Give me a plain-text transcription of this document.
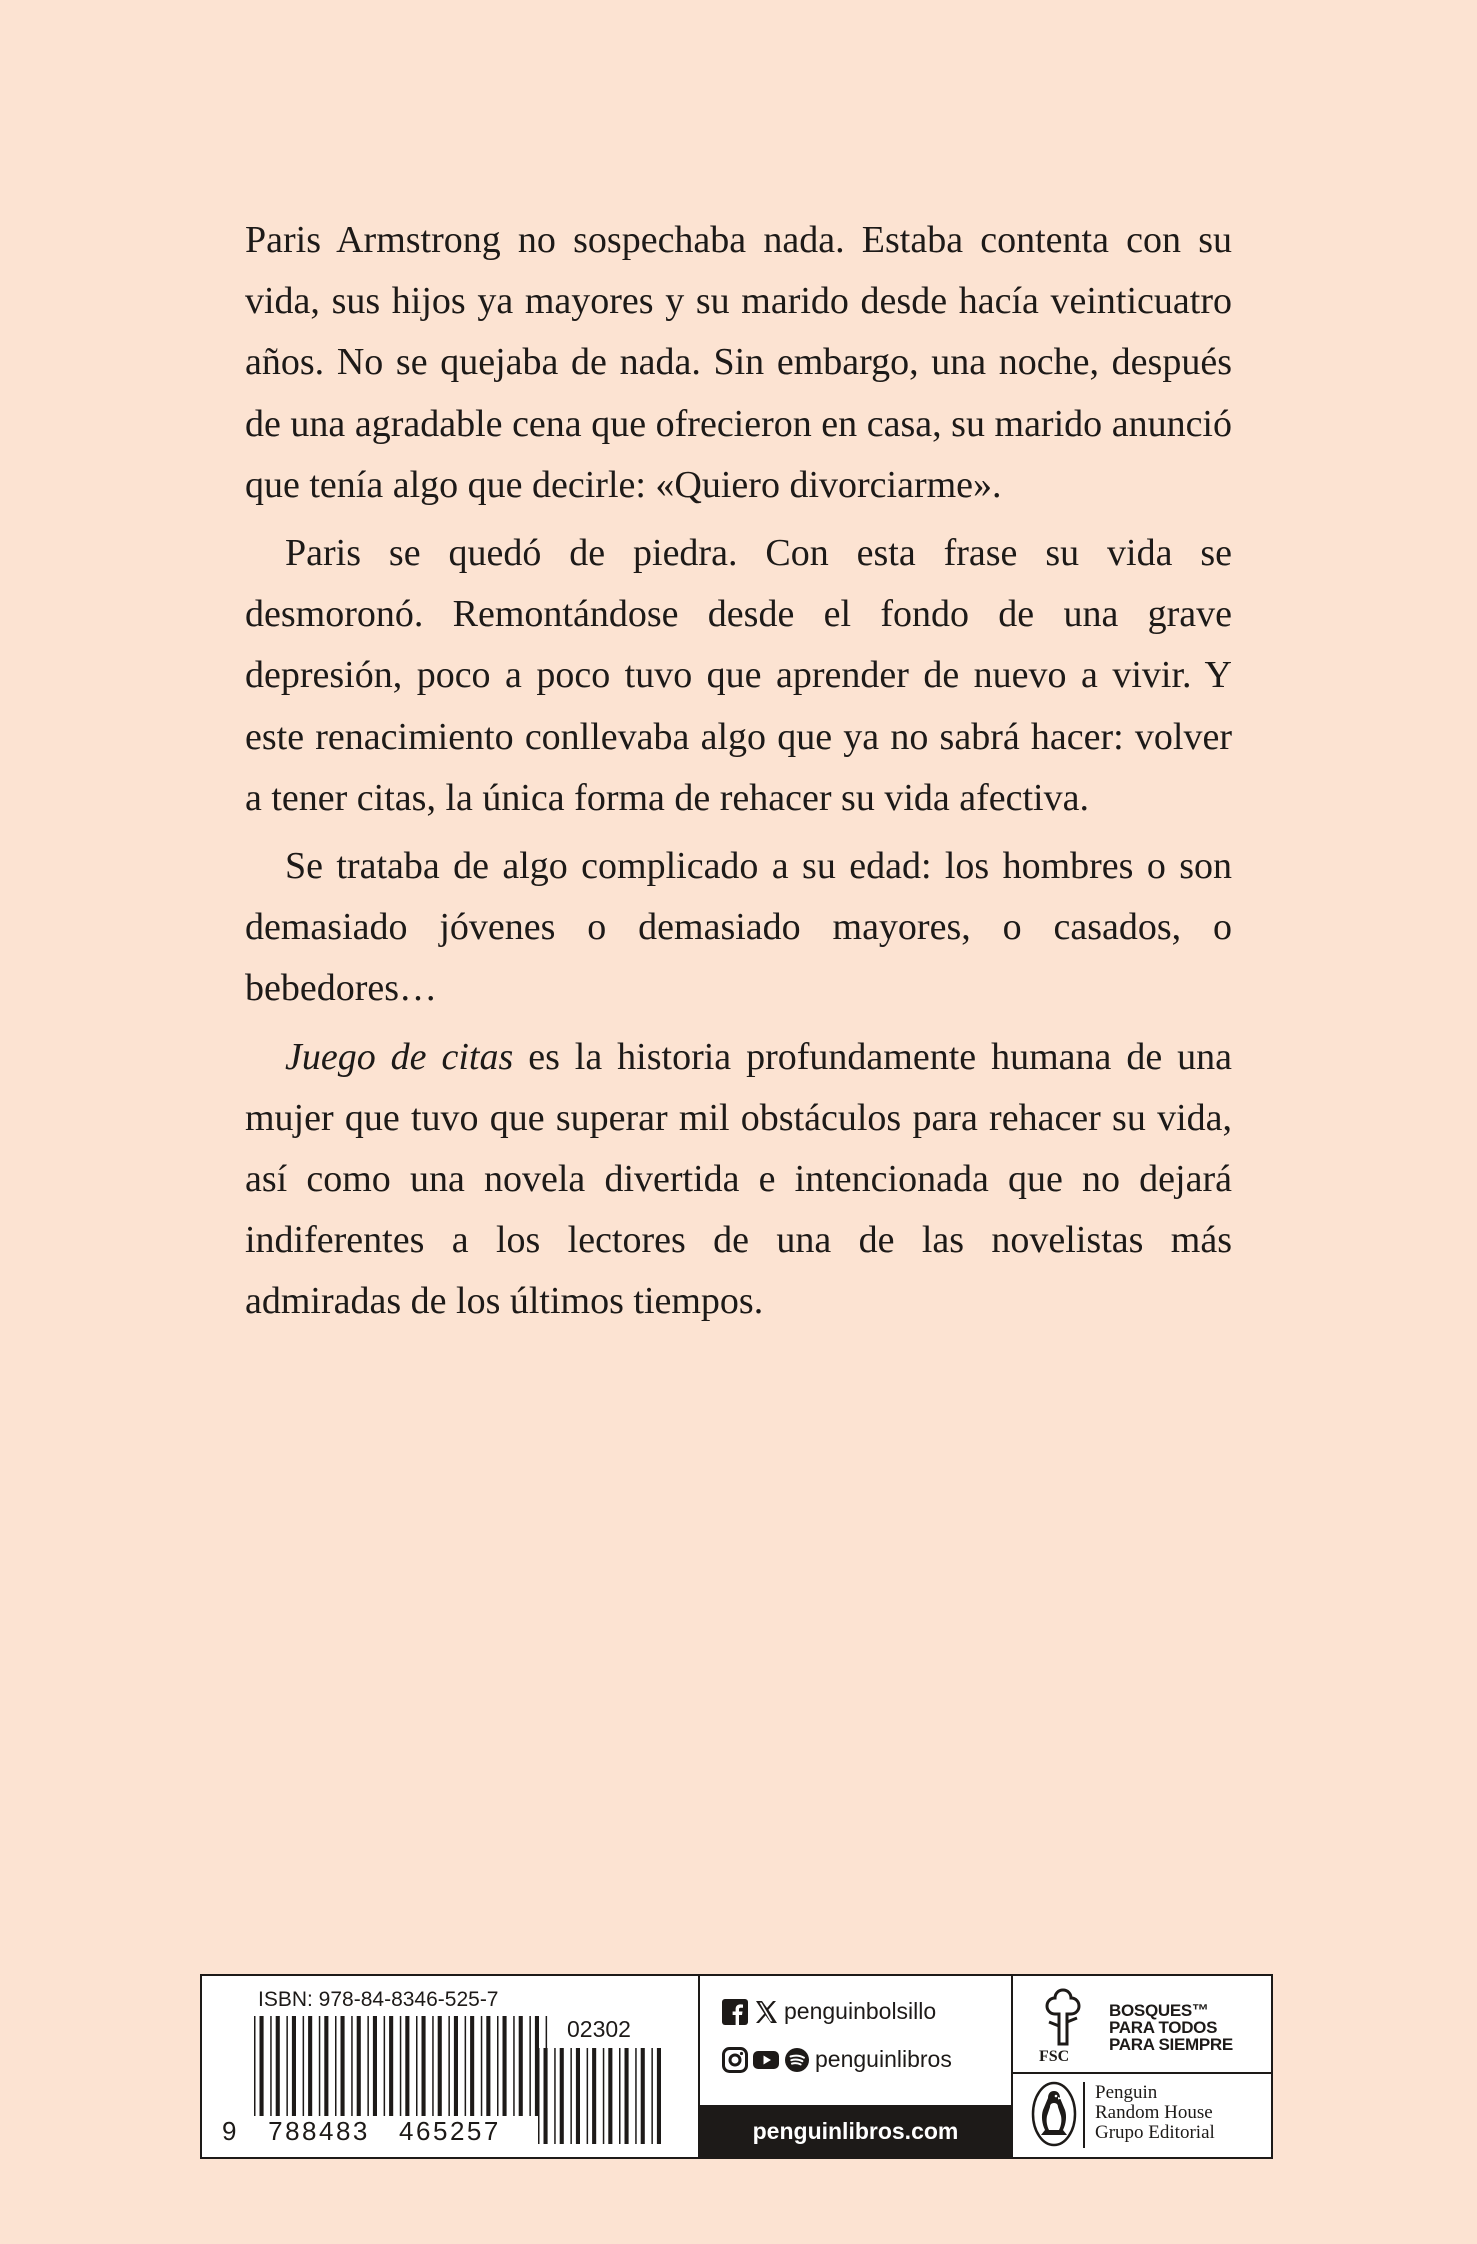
Paris Armstrong no sospechaba nada. Estaba contenta con su vida, sus hijos ya mayores y su marido desde hacía veinticuatro años. No se quejaba de nada. Sin embargo, una noche, después de una agradable cena que ofrecieron en casa, su marido anunció que tenía algo que decirle: «Quiero divorciarme».

Paris se quedó de piedra. Con esta frase su vida se desmoronó. Remontándose desde el fondo de una grave depresión, poco a poco tuvo que aprender de nuevo a vivir. Y este renacimiento conllevaba algo que ya no sabrá hacer: volver a tener citas, la única forma de rehacer su vida afectiva.

Se trataba de algo complicado a su edad: los hombres o son demasiado jóvenes o demasiado mayores, o casados, o bebedores…

Juego de citas es la historia profundamente humana de una mujer que tuvo que superar mil obstáculos para rehacer su vida, así como una novela divertida e intencionada que no dejará indiferentes a los lectores de una de las novelistas más admiradas de los últimos tiempos.

ISBN: 978-84-8346-525-7
02302
9   788483   465257
penguinbolsillo
penguinlibros
penguinlibros.com
FSC
BOSQUES™
PARA TODOS
PARA SIEMPRE
Penguin
Random House
Grupo Editorial
